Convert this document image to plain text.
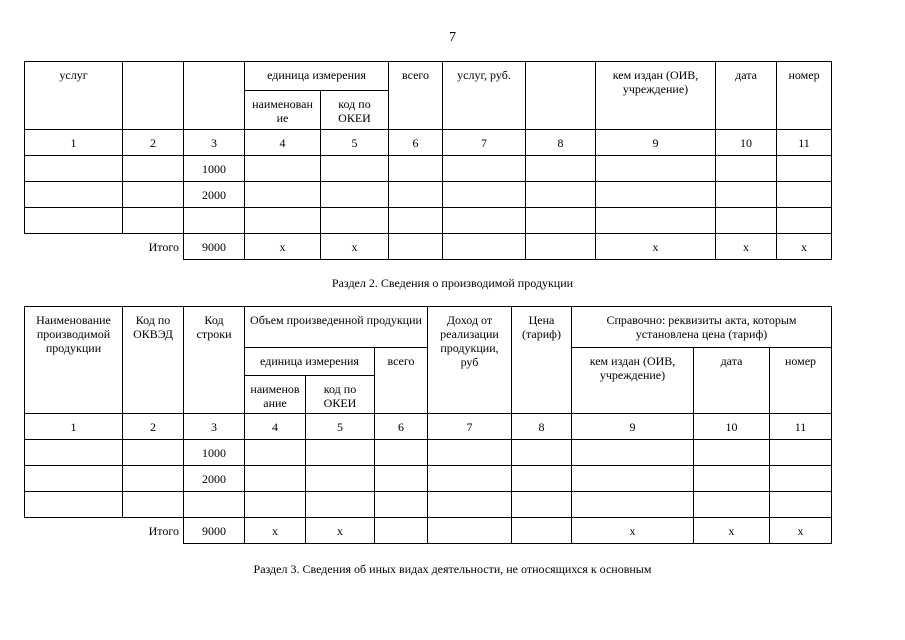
7
услуг			единица измерения		всего	услуг, руб.		кем издан (ОИВ, учреждение)	дата	номер
			наименован ие	код по ОКЕИ						
1	2	3	4	5	6	7	8	9	10	11
		1000								
		2000								

Итого		9000	x	x				x	x	x
Раздел 2. Сведения о производимой продукции
Наименование производимой продукции	Код по ОКВЭД	Код строки	Объем произведенной продукции			Доход от реализации продукции, руб	Цена (тариф)	Справочно: реквизиты акта, которым установлена цена (тариф)		
			единица измерения		всего			кем издан (ОИВ, учреждение)	дата	номер
			наименов ание	код по ОКЕИ						
1	2	3	4	5	6	7	8	9	10	11
		1000								
		2000								

Итого		9000	x	x				x	x	x
Раздел 3. Сведения об иных видах деятельности, не относящихся к основным
